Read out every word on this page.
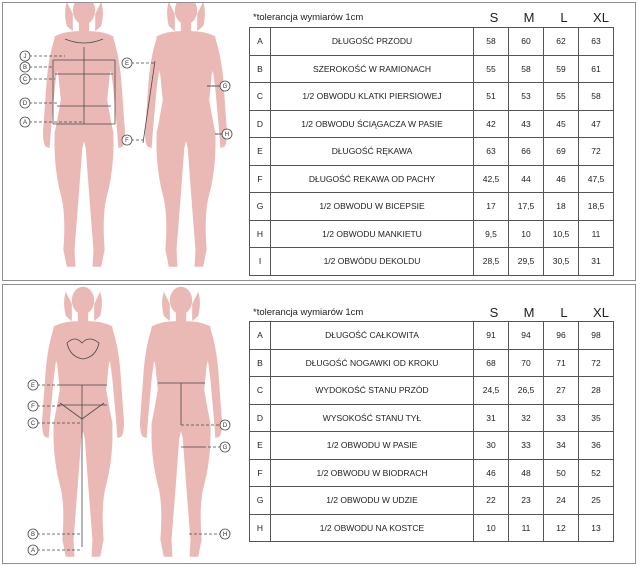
J
B
C
D
A
E
F
G
H
*tolerancja wymiarów 1cm	S	M	L	XL
A	DŁUGOŚĆ PRZODU	58	60	62	63
B	SZEROKOŚĆ W RAMIONACH	55	58	59	61
C	1/2 OBWODU KLATKI PIERSIOWEJ	51	53	55	58
D	1/2 OBWODU ŚCIĄGACZA W PASIE	42	43	45	47
E	DŁUGOŚĆ RĘKAWA	63	66	69	72
F	DŁUGOŚĆ REKAWA OD PACHY	42,5	44	46	47,5
G	1/2 OBWODU W BICEPSIE	17	17,5	18	18,5
H	1/2 OBWODU MANKIETU	9,5	10	10,5	11
I	1/2 OBWÓDU DEKOLDU	28,5	29,5	30,5	31
E
F
C
B
A
D
G
H
*tolerancja wymiarów 1cm	S	M	L	XL
A	DŁUGOŚĆ CAŁKOWITA	91	94	96	98
B	DŁUGOŚĆ NOGAWKI OD KROKU	68	70	71	72
C	WYDOKOŚĆ STANU PRZÓD	24,5	26,5	27	28
D	WYSOKOŚĆ STANU TYŁ	31	32	33	35
E	1/2 OBWODU W PASIE	30	33	34	36
F	1/2 OBWODU W BIODRACH	46	48	50	52
G	1/2 OBWODU W UDZIE	22	23	24	25
H	1/2 OBWODU NA KOSTCE	10	11	12	13
